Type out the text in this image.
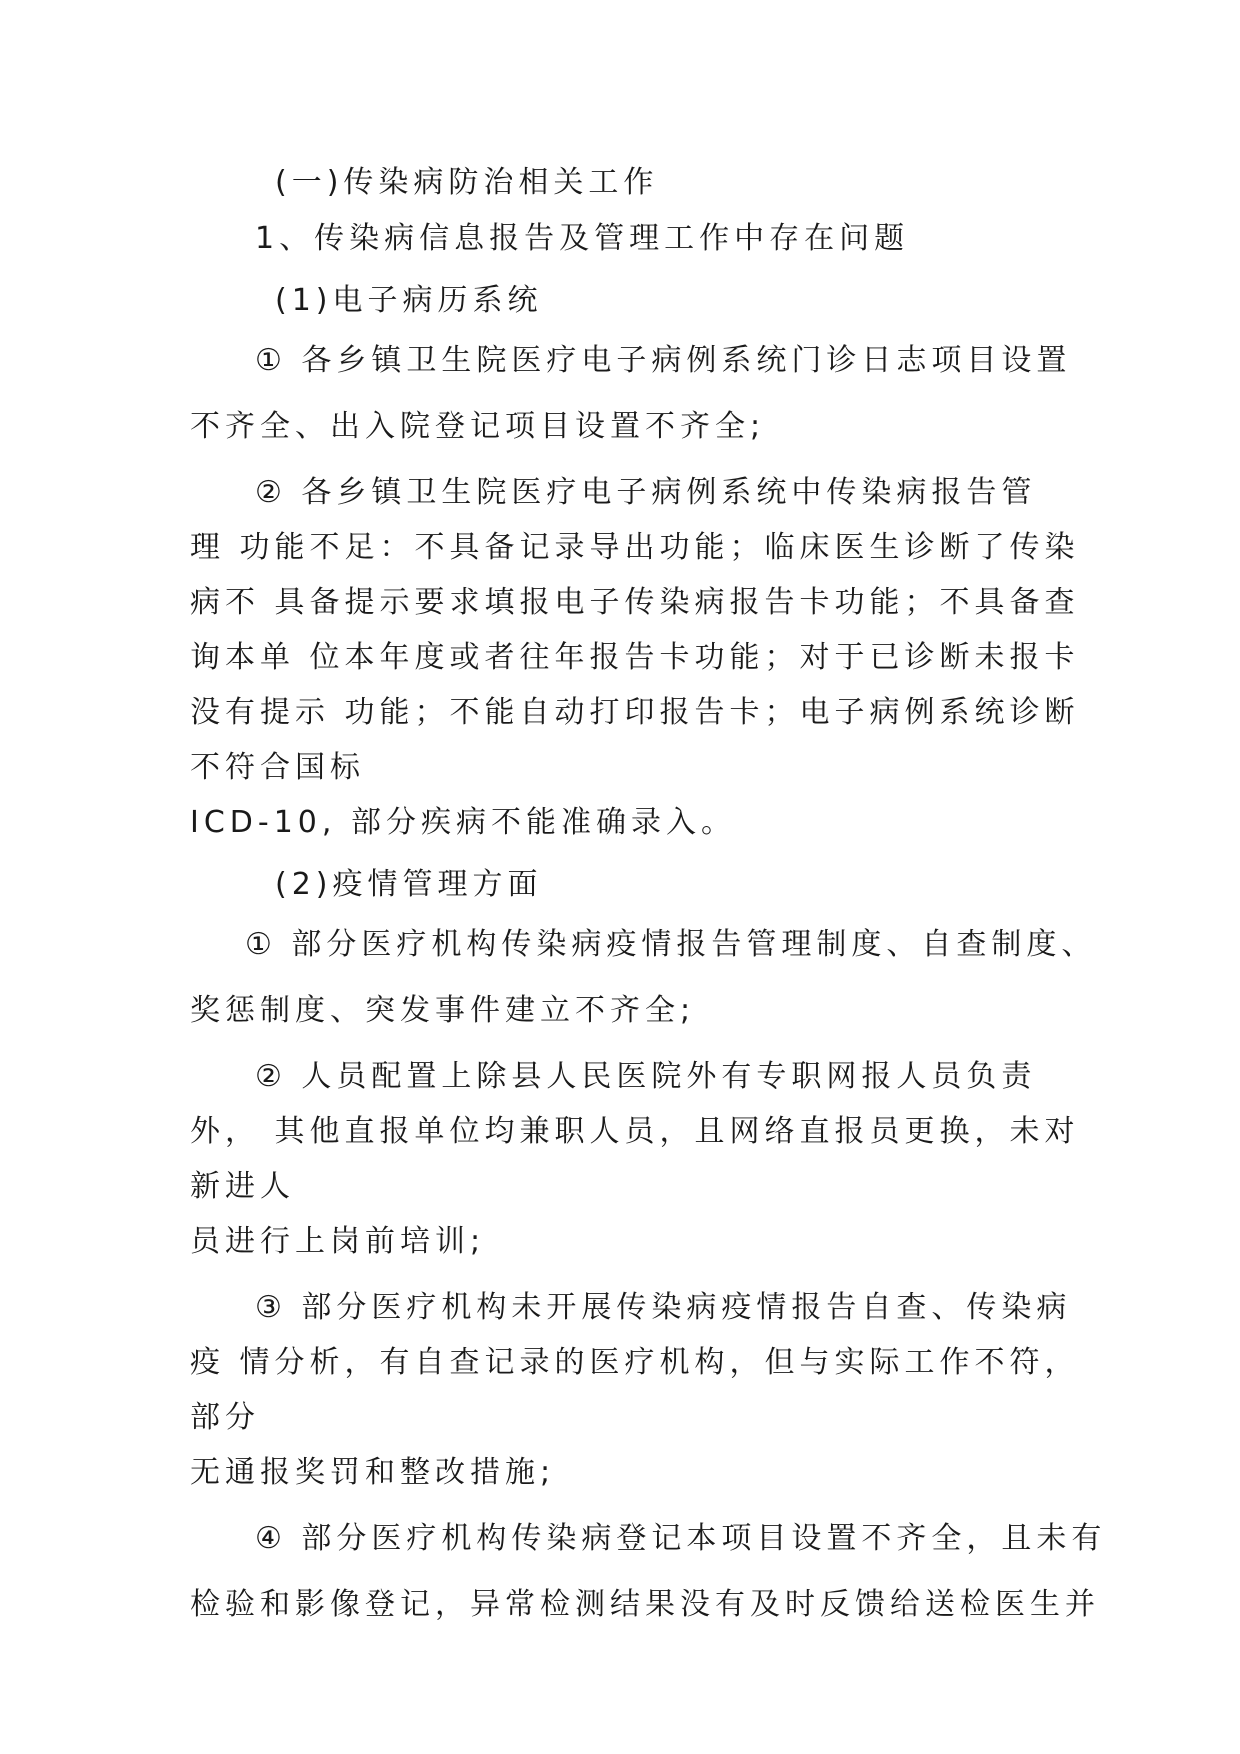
(一)传染病防治相关工作
1、传染病信息报告及管理工作中存在问题
(1)电子病历系统
① 各乡镇卫生院医疗电子病例系统门诊日志项目设置
不齐全、出入院登记项目设置不齐全;
② 各乡镇卫生院医疗电子病例系统中传染病报告管
理 功能不足：不具备记录导出功能；临床医生诊断了传染
病不 具备提示要求填报电子传染病报告卡功能；不具备查
询本单 位本年度或者往年报告卡功能；对于已诊断未报卡
没有提示 功能；不能自动打印报告卡；电子病例系统诊断
不符合国标
ICD-10, 部分疾病不能准确录入。
(2)疫情管理方面
① 部分医疗机构传染病疫情报告管理制度、自查制度、
奖惩制度、突发事件建立不齐全;
② 人员配置上除县人民医院外有专职网报人员负责
外， 其他直报单位均兼职人员，且网络直报员更换，未对
新进人
员进行上岗前培训;
③ 部分医疗机构未开展传染病疫情报告自查、传染病
疫 情分析，有自查记录的医疗机构，但与实际工作不符，
部分
无通报奖罚和整改措施;
④ 部分医疗机构传染病登记本项目设置不齐全，且未有
检验和影像登记，异常检测结果没有及时反馈给送检医生并
